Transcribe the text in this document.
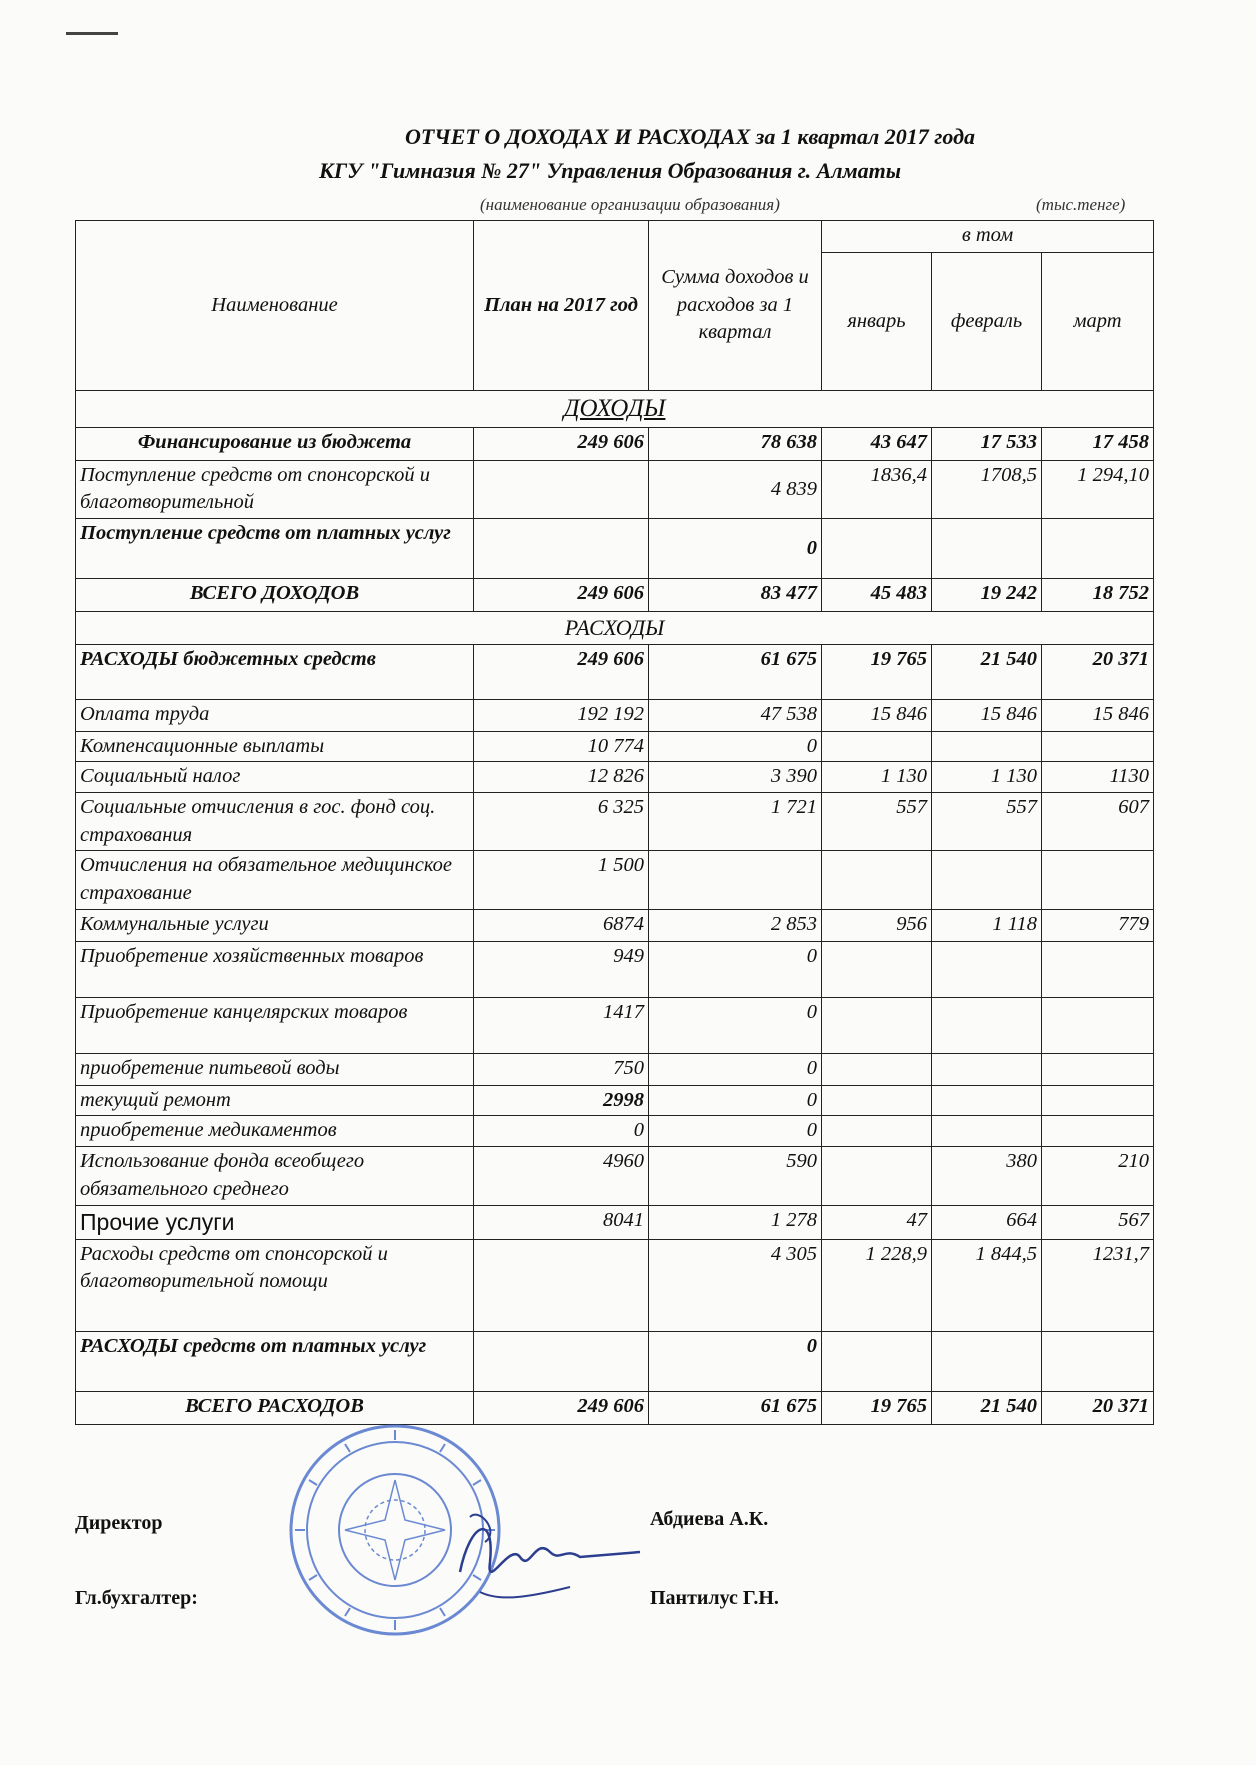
ОТЧЕТ О ДОХОДАХ И РАСХОДАХ за 1 квартал 2017 года
КГУ "Гимназия № 27" Управления Образования г. Алматы
(наименование организации образования)	(тыс.тенге)
Наименование	План на 2017 год	Сумма доходов и расходов за 1 квартал	в том		
			январь	февраль	март
ДОХОДЫ					
Финансирование из бюджета	249 606	78 638	43 647	17 533	17 458
Поступление средств от спонсорской и благотворительной		4 839	1836,4	1708,5	1 294,10
Поступление средств от платных услуг		0			
ВСЕГО ДОХОДОВ	249 606	83 477	45 483	19 242	18 752
РАСХОДЫ					
РАСХОДЫ бюджетных средств	249 606	61 675	19 765	21 540	20 371
Оплата труда	192 192	47 538	15 846	15 846	15 846
Компенсационные выплаты	10 774	0			
Социальный налог	12 826	3 390	1 130	1 130	1130
Социальные отчисления в гос. фонд соц. страхования	6 325	1 721	557	557	607
Отчисления на обязательное медицинское страхование	1 500				
Коммунальные услуги	6874	2 853	956	1 118	779
Приобретение хозяйственных товаров	949	0			
Приобретение канцелярских товаров	1417	0			
приобретение питьевой воды	750	0			
текущий ремонт	2998	0			
приобретение медикаментов	0	0			
Использование фонда всеобщего обязательного среднего	4960	590		380	210
Прочие услуги	8041	1 278	47	664	567
Расходы средств от спонсорской и благотворительной помощи		4 305	1 228,9	1 844,5	1231,7
РАСХОДЫ средств от платных услуг		0			
ВСЕГО РАСХОДОВ	249 606	61 675	19 765	21 540	20 371
Директор	Абдиева А.К.
Гл.бухгалтер:	Пантилус Г.Н.
